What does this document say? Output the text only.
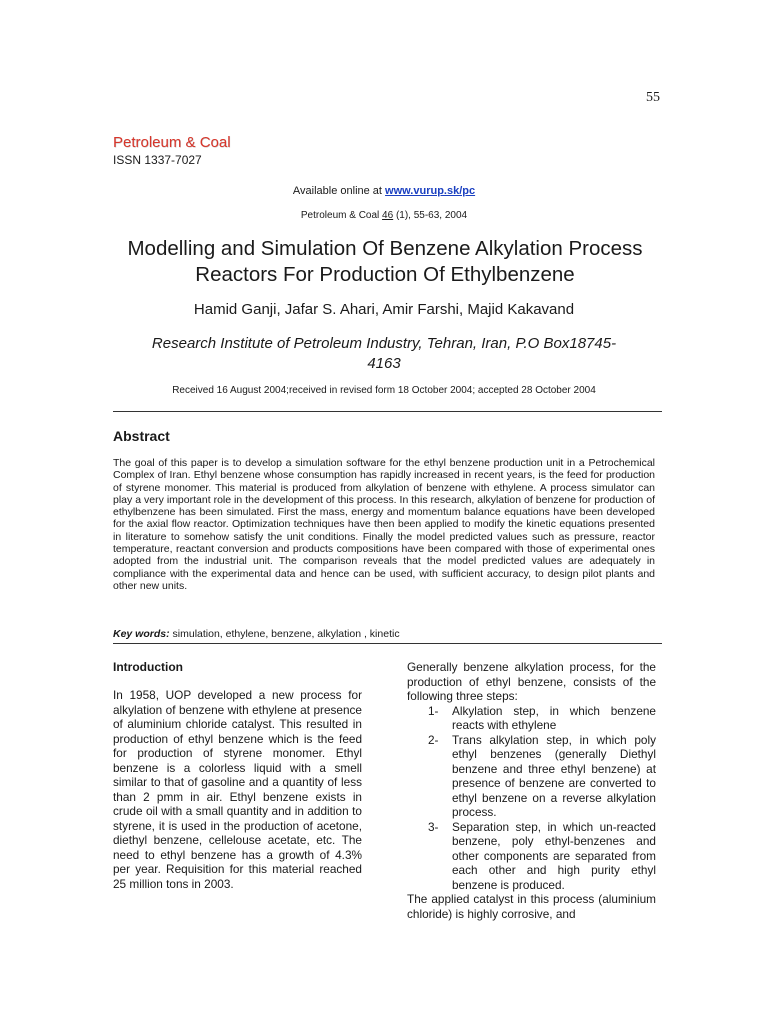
55
Petroleum & Coal
ISSN 1337-7027
Available online at www.vurup.sk/pc
Petroleum & Coal 46 (1), 55-63, 2004
Modelling and Simulation Of Benzene Alkylation Process
Reactors For Production Of Ethylbenzene
Hamid Ganji, Jafar S. Ahari, Amir Farshi, Majid Kakavand
Research Institute of Petroleum Industry, Tehran, Iran, P.O Box18745-
4163
Received 16 August 2004;received in revised form 18 October 2004; accepted 28 October 2004
Abstract
The goal of this paper is to develop a simulation software for the ethyl benzene production unit in a Petrochemical Complex of Iran. Ethyl benzene whose consumption has rapidly increased in recent years, is the feed for production of styrene monomer. This material is produced from alkylation of benzene with ethylene. A process simulator can play a very important role in the development of this process. In this research, alkylation of benzene for production of ethylbenzene has been simulated. First the mass, energy and momentum balance equations have been developed for the axial flow reactor. Optimization techniques have then been applied to modify the kinetic equations presented in literature to somehow satisfy the unit conditions. Finally the model predicted values such as pressure, reactor temperature, reactant conversion and products compositions have been compared with those of experimental ones adopted from the industrial unit. The comparison reveals that the model predicted values are adequately in compliance with the experimental data and hence can be used, with sufficient accuracy, to design pilot plants and other new units.
Key words: simulation, ethylene, benzene, alkylation , kinetic
Introduction
In 1958, UOP developed a new process for alkylation of benzene with ethylene at presence of aluminium chloride catalyst. This resulted in production of ethyl benzene which is the feed for production of styrene monomer. Ethyl benzene is a colorless liquid with a smell similar to that of gasoline and a quantity of less than 2 pmm in air. Ethyl benzene exists in crude oil with a small quantity and in addition to styrene, it is used in the production of acetone, diethyl benzene, cellelouse acetate, etc. The need to ethyl benzene has a growth of 4.3% per year. Requisition for this material reached 25 million tons in 2003.
Generally benzene alkylation process, for the production of ethyl benzene, consists of the following three steps:
1-	Alkylation step, in which benzene reacts with ethylene
2-	Trans alkylation step, in which poly ethyl benzenes (generally Diethyl benzene and three ethyl benzene) at presence of benzene are converted to ethyl benzene on a reverse alkylation process.
3-	Separation step, in which un-reacted benzene, poly ethyl-benzenes and other components are separated from each other and high purity ethyl benzene is produced.
The applied catalyst in this process (aluminium chloride) is highly corrosive, and
